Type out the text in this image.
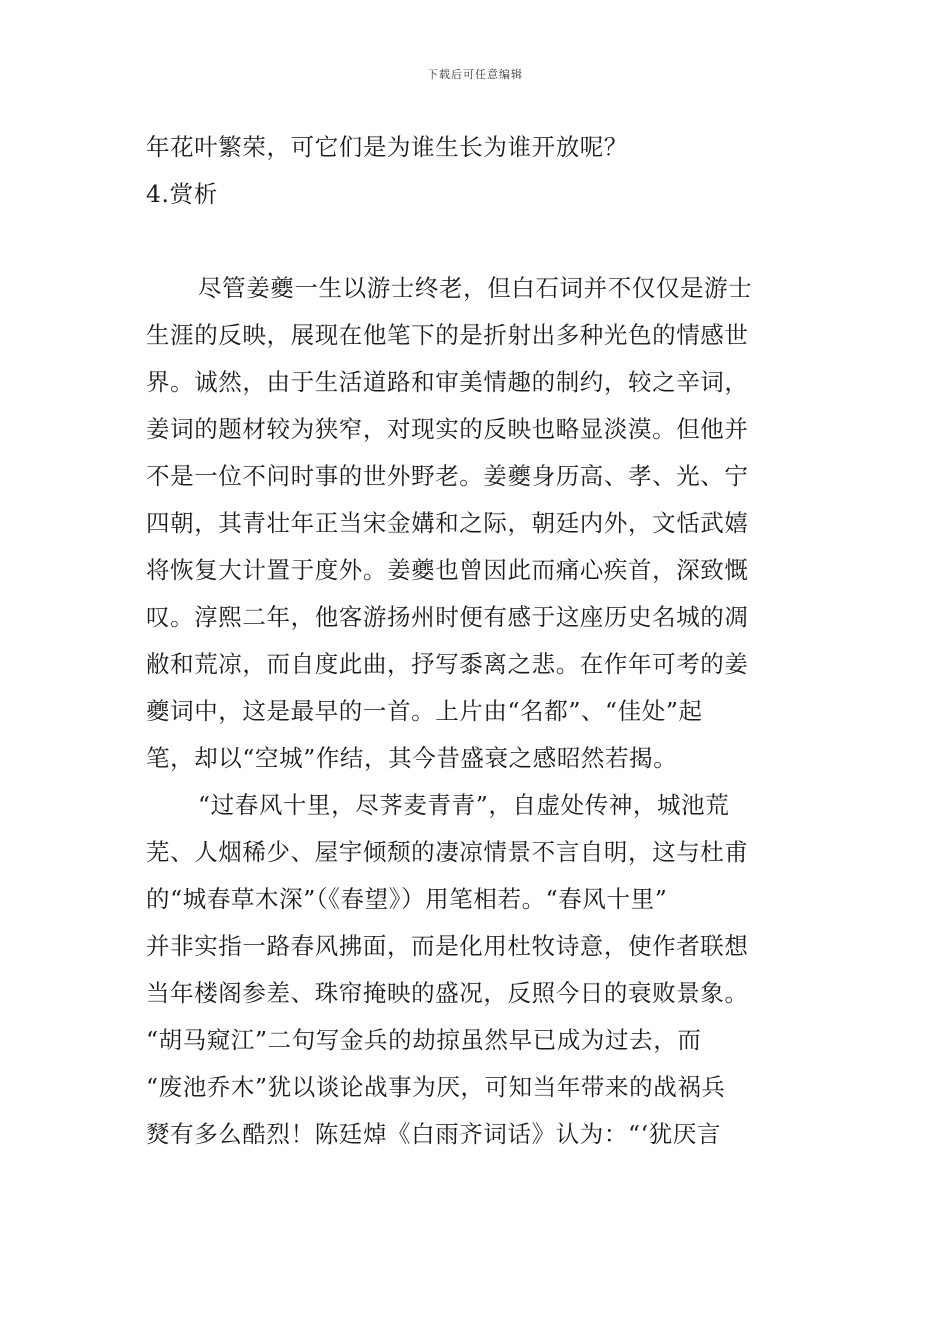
下载后可任意编辑
年花叶繁荣，可它们是为谁生长为谁开放呢？
4.赏析
尽管姜夔一生以游士终老，但白石词并不仅仅是游士
生涯的反映，展现在他笔下的是折射出多种光色的情感世
界。诚然，由于生活道路和审美情趣的制约，较之辛词，
姜词的题材较为狭窄，对现实的反映也略显淡漠。但他并
不是一位不问时事的世外野老。姜夔身历高、孝、光、宁
四朝，其青壮年正当宋金媾和之际，朝廷内外，文恬武嬉
将恢复大计置于度外。姜夔也曾因此而痛心疾首，深致慨
叹。淳熙二年，他客游扬州时便有感于这座历史名城的凋
敝和荒凉，而自度此曲，抒写黍离之悲。在作年可考的姜
夔词中，这是最早的一首。上片由“名都”、“佳处”起
笔，却以“空城”作结，其今昔盛衰之感昭然若揭。
“过春风十里，尽荠麦青青”，自虚处传神，城池荒
芜、人烟稀少、屋宇倾颓的凄凉情景不言自明，这与杜甫
的“城春草木深”（《春望》）用笔相若。“春风十里”
并非实指一路春风拂面，而是化用杜牧诗意，使作者联想
当年楼阁参差、珠帘掩映的盛况，反照今日的衰败景象。
“胡马窥江”二句写金兵的劫掠虽然早已成为过去，而
“废池乔木”犹以谈论战事为厌，可知当年带来的战祸兵
燹有多么酷烈！陈廷焯《白雨齐词话》认为：“‘犹厌言
